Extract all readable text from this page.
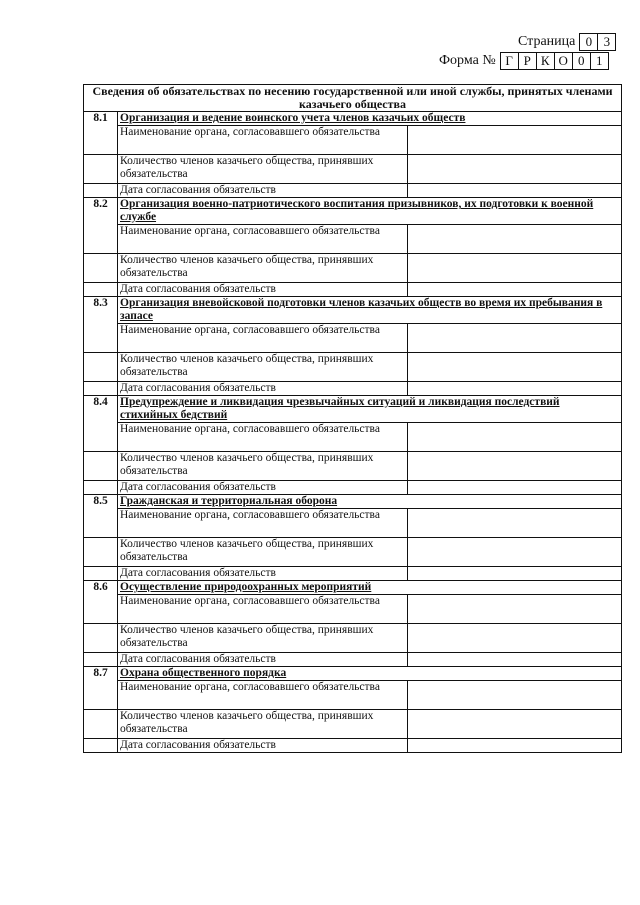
Страница 0 3
Форма № Г Р К О 0 1
Сведения об обязательствах по несению государственной или иной службы, принятых членами казачьего общества		
8.1	Организация и ведение воинского учета членов казачьих обществ	
	Наименование органа, согласовавшего обязательства	
	Количество членов казачьего общества, принявших обязательства	
	Дата согласования обязательств	
8.2	Организация военно-патриотического воспитания призывников, их подготовки к военной службе	
	Наименование органа, согласовавшего обязательства	
	Количество членов казачьего общества, принявших обязательства	
	Дата согласования обязательств	
8.3	Организация вневойсковой подготовки членов казачьих обществ во время их пребывания в запасе	
	Наименование органа, согласовавшего обязательства	
	Количество членов казачьего общества, принявших обязательства	
	Дата согласования обязательств	
8.4	Предупреждение и ликвидация чрезвычайных ситуаций и ликвидация последствий стихийных бедствий	
	Наименование органа, согласовавшего обязательства	
	Количество членов казачьего общества, принявших обязательства	
	Дата согласования обязательств	
8.5	Гражданская и территориальная оборона	
	Наименование органа, согласовавшего обязательства	
	Количество членов казачьего общества, принявших обязательства	
	Дата согласования обязательств	
8.6	Осуществление природоохранных мероприятий	
	Наименование органа, согласовавшего обязательства	
	Количество членов казачьего общества, принявших обязательства	
	Дата согласования обязательств	
8.7	Охрана общественного порядка	
	Наименование органа, согласовавшего обязательства	
	Количество членов казачьего общества, принявших обязательства	
	Дата согласования обязательств	
